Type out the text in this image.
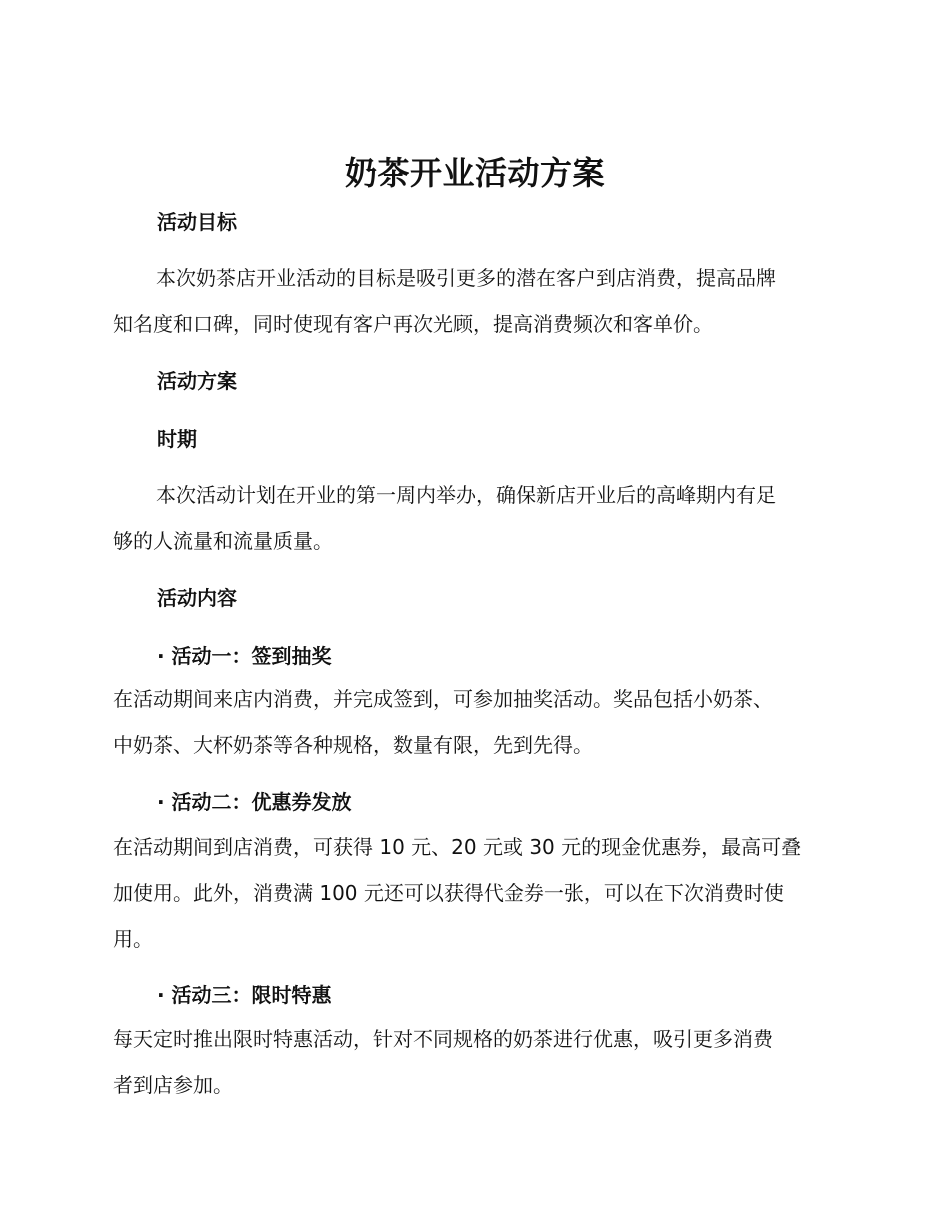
奶茶开业活动方案
活动目标

本次奶茶店开业活动的目标是吸引更多的潜在客户到店消费，提高品牌
知名度和口碑，同时使现有客户再次光顾，提高消费频次和客单价。

活动方案
时期

本次活动计划在开业的第一周内举办，确保新店开业后的高峰期内有足
够的人流量和流量质量。

活动内容
· 活动一：签到抽奖

在活动期间来店内消费，并完成签到，可参加抽奖活动。奖品包括小奶茶、
中奶茶、大杯奶茶等各种规格，数量有限，先到先得。

· 活动二：优惠券发放

在活动期间到店消费，可获得 10 元、20 元或 30 元的现金优惠券，最高可叠
加使用。此外，消费满 100 元还可以获得代金券一张，可以在下次消费时使
用。

· 活动三：限时特惠

每天定时推出限时特惠活动，针对不同规格的奶茶进行优惠，吸引更多消费
者到店参加。
